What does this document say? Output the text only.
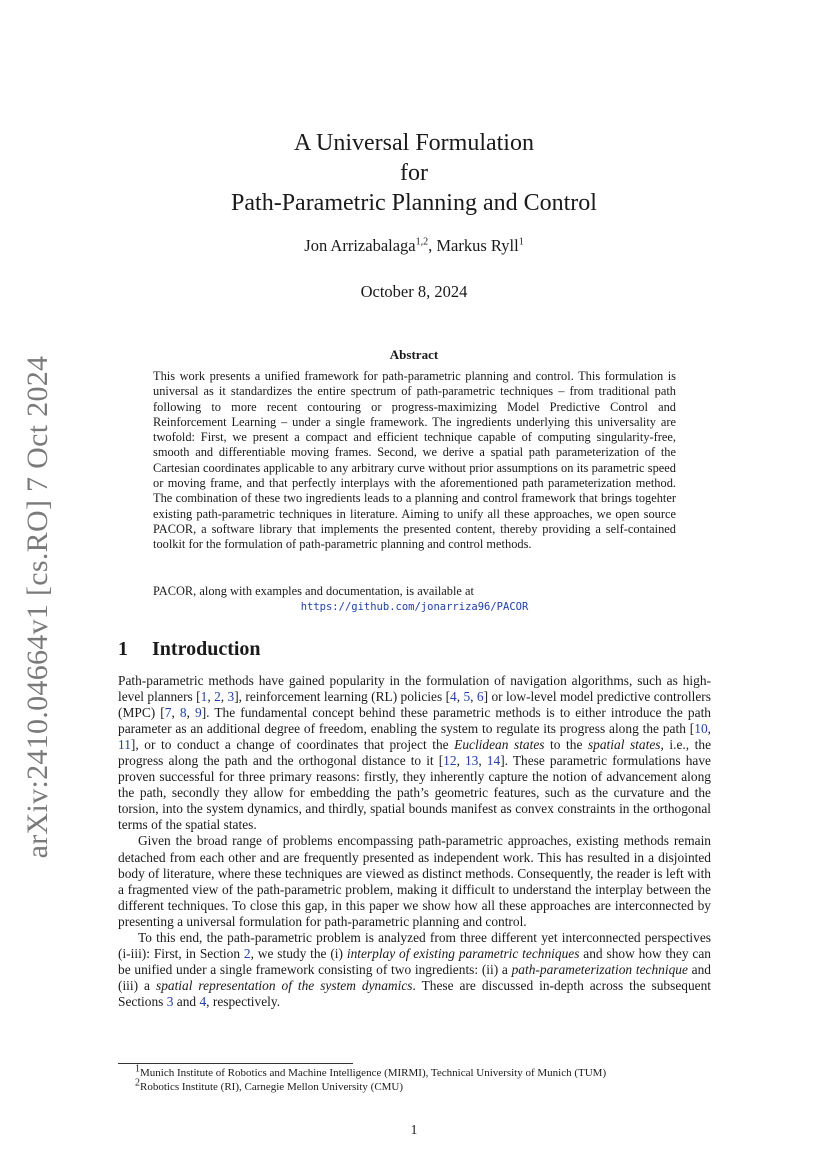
arXiv:2410.04664v1 [cs.RO] 7 Oct 2024
A Universal Formulation
for
Path-Parametric Planning and Control
Jon Arrizabalaga$^{1,2}$, Markus Ryll$^1$
October 8, 2024
Abstract
This work presents a unified framework for path-parametric planning and control. This formulation is universal as it standardizes the entire spectrum of path-parametric techniques – from traditional path following to more recent contouring or progress-maximizing Model Predictive Control and Reinforcement Learning – under a single framework. The ingredients underlying this universality are twofold: First, we present a compact and efficient technique capable of computing singularity-free, smooth and differentiable moving frames. Second, we derive a spatial path parameterization of the Cartesian coordinates applicable to any arbitrary curve without prior assumptions on its parametric speed or moving frame, and that perfectly interplays with the aforementioned path parameterization method. The combination of these two ingredients leads to a planning and control framework that brings togehter existing path-parametric techniques in literature. Aiming to unify all these approaches, we open source PACOR, a software library that implements the presented content, thereby providing a self-contained toolkit for the formulation of path-parametric planning and control methods.
PACOR, along with examples and documentation, is available at
https://github.com/jonarriza96/PACOR
1 Introduction

Path-parametric methods have gained popularity in the formulation of navigation algorithms, such as high-level planners [1, 2, 3], reinforcement learning (RL) policies [4, 5, 6] or low-level model predictive controllers (MPC) [7, 8, 9]. The fundamental concept behind these parametric methods is to either introduce the path parameter as an additional degree of freedom, enabling the system to regulate its progress along the path [10, 11], or to conduct a change of coordinates that project the Euclidean states to the spatial states, i.e., the progress along the path and the orthogonal distance to it [12, 13, 14]. These parametric formulations have proven successful for three primary reasons: firstly, they inherently capture the notion of advancement along the path, secondly they allow for embedding the path’s geometric features, such as the curvature and the torsion, into the system dynamics, and thirdly, spatial bounds manifest as convex constraints in the orthogonal terms of the spatial states.

Given the broad range of problems encompassing path-parametric approaches, existing methods remain detached from each other and are frequently presented as independent work. This has resulted in a disjointed body of literature, where these techniques are viewed as distinct methods. Consequently, the reader is left with a fragmented view of the path-parametric problem, making it difficult to understand the interplay between the different techniques. To close this gap, in this paper we show how all these approaches are interconnected by presenting a universal formulation for path-parametric planning and control.

To this end, the path-parametric problem is analyzed from three different yet interconnected perspectives (i-iii): First, in Section 2, we study the (i) interplay of existing parametric techniques and show how they can be unified under a single framework consisting of two ingredients: (ii) a path-parameterization technique and (iii) a spatial representation of the system dynamics. These are discussed in-depth across the subsequent Sections 3 and 4, respectively.

$^1$Munich Institute of Robotics and Machine Intelligence (MIRMI), Technical University of Munich (TUM)
$^2$Robotics Institute (RI), Carnegie Mellon University (CMU)
1
